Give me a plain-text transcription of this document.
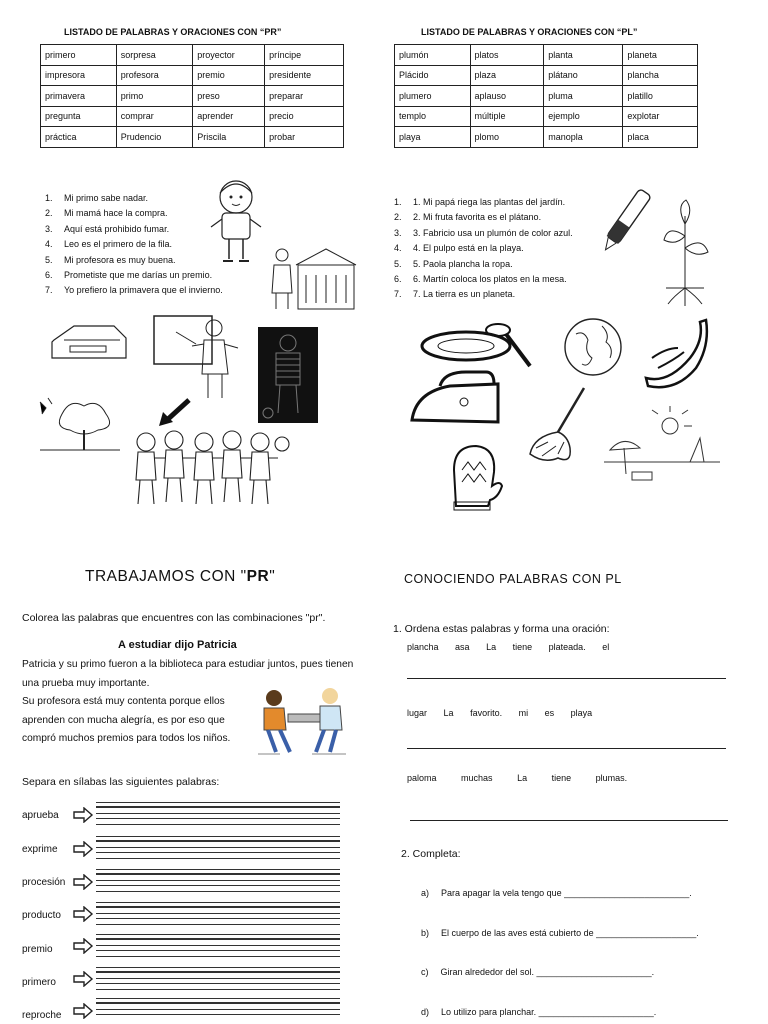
LISTADO DE PALABRAS Y ORACIONES CON “PR”
primero	sorpresa	proyector	príncipe
impresora	profesora	premio	presidente
primavera	primo	preso	preparar
pregunta	comprar	aprender	precio
práctica	Prudencio	Priscila	probar
LISTADO DE PALABRAS Y ORACIONES CON “PL”
plumón	platos	planta	planeta
Plácido	plaza	plátano	plancha
plumero	aplauso	pluma	platillo
templo	múltiple	ejemplo	explotar
playa	plomo	manopla	placa
1. Mi primo sabe nadar.
2. Mi mamá hace la compra.
3. Aquí está prohibido fumar.
4. Leo es el primero de la fila.
5. Mi profesora es muy buena.
6. Prometiste que me darías un premio.
7. Yo prefiero la primavera que el invierno.
1. 1. Mi papá riega las plantas del jardín.
2. 2. Mi fruta favorita es el plátano.
3. 3. Fabricio usa un plumón de color azul.
4. 4. El pulpo está en la playa.
5. 5. Paola plancha la ropa.
6. 6. Martín coloca los platos en la mesa.
7. 7. La tierra es un planeta.
TRABAJAMOS CON "PR"
Colorea las palabras que encuentres con las combinaciones "pr".
A estudiar dijo Patricia
Patricia y su primo fueron a la biblioteca para estudiar juntos, pues tienen
una prueba muy importante.
Su profesora está muy contenta porque ellos
aprenden con mucha alegría, es por eso que
compró muchos premios para todos los niños.
Separa en sílabas las siguientes palabras:
aprueba
exprime
procesión
producto
premio
primero
reproche
CONOCIENDO PALABRAS CON PL
1. Ordena estas palabras y forma una oración:
plancha asa La tiene plateada. el
lugar La favorito. mi es playa
paloma	muchas	La	tiene	plumas.
2. Completa:
a) Para apagar la vela tengo que _________________________.
b) El cuerpo de las aves está cubierto de ____________________.
c) Giran alrededor del sol. _______________________.
d) Lo utilizo para planchar. _______________________.
